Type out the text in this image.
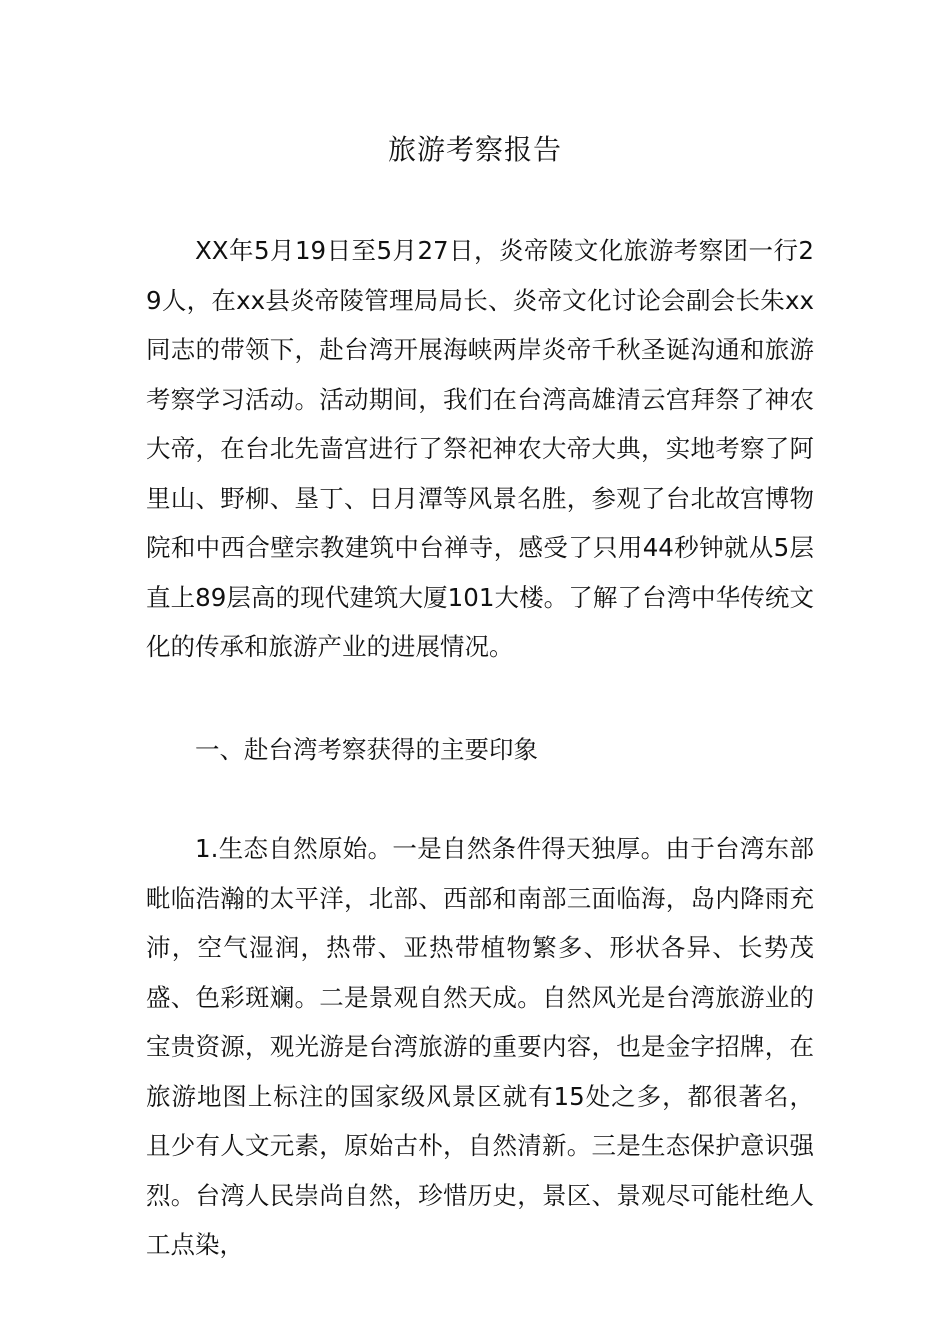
旅游考察报告

XX年5月19日至5月27日，炎帝陵文化旅游考察团一行29人，在xx县炎帝陵管理局局长、炎帝文化讨论会副会长朱xx同志的带领下，赴台湾开展海峡两岸炎帝千秋圣诞沟通和旅游考察学习活动。活动期间，我们在台湾高雄清云宫拜祭了神农大帝，在台北先啬宫进行了祭祀神农大帝大典，实地考察了阿里山、野柳、垦丁、日月潭等风景名胜，参观了台北故宫博物院和中西合壁宗教建筑中台禅寺，感受了只用44秒钟就从5层直上89层高的现代建筑大厦101大楼。了解了台湾中华传统文化的传承和旅游产业的进展情况。

一、赴台湾考察获得的主要印象

1.生态自然原始。一是自然条件得天独厚。由于台湾东部毗临浩瀚的太平洋，北部、西部和南部三面临海，岛内降雨充沛，空气湿润，热带、亚热带植物繁多、形状各异、长势茂盛、色彩斑斓。二是景观自然天成。自然风光是台湾旅游业的宝贵资源，观光游是台湾旅游的重要内容，也是金字招牌，在旅游地图上标注的国家级风景区就有15处之多，都很著名，且少有人文元素，原始古朴，自然清新。三是生态保护意识强烈。台湾人民崇尚自然，珍惜历史，景区、景观尽可能杜绝人工点染，
